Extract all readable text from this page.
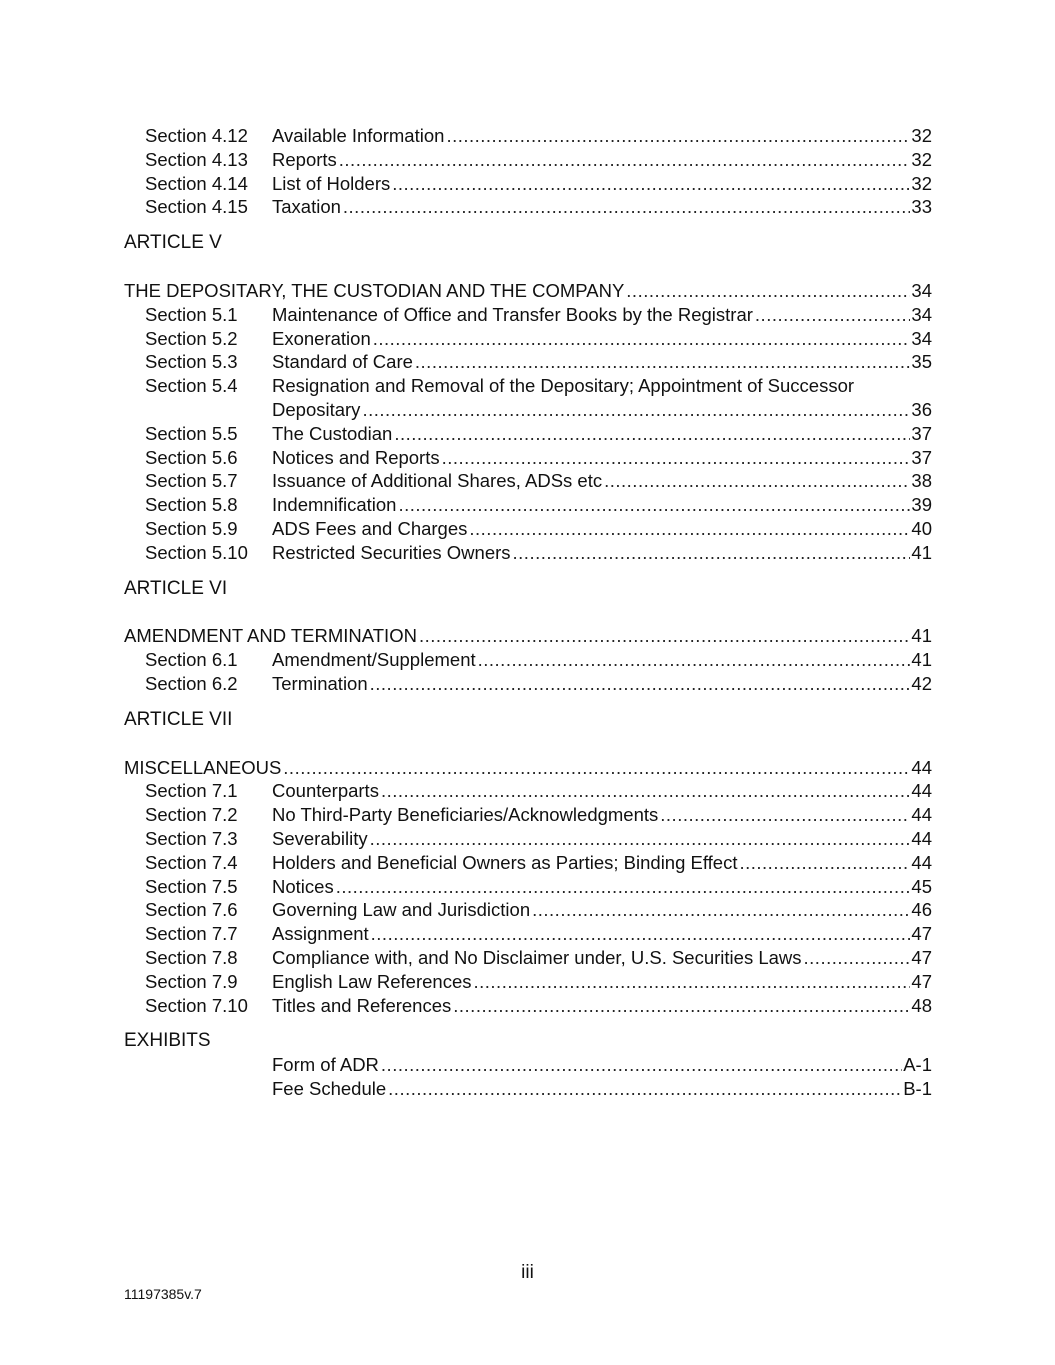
Section 4.12 Available Information .....	32
Section 4.13 Reports .....	32
Section 4.14 List of Holders .....	32
Section 4.15 Taxation .....	33
ARTICLE V
THE DEPOSITARY, THE CUSTODIAN AND THE COMPANY .....	34
Section 5.1 Maintenance of Office and Transfer Books by the Registrar .....	34
Section 5.2 Exoneration .....	34
Section 5.3 Standard of Care .....	35
Section 5.4 Resignation and Removal of the Depositary; Appointment of Successor
Depositary .....	36
Section 5.5 The Custodian .....	37
Section 5.6 Notices and Reports .....	37
Section 5.7 Issuance of Additional Shares, ADSs etc .....	38
Section 5.8 Indemnification .....	39
Section 5.9 ADS Fees and Charges .....	40
Section 5.10 Restricted Securities Owners .....	41
ARTICLE VI
AMENDMENT AND TERMINATION .....	41
Section 6.1 Amendment/Supplement .....	41
Section 6.2 Termination .....	42
ARTICLE VII
MISCELLANEOUS .....	44
Section 7.1 Counterparts .....	44
Section 7.2 No Third-Party Beneficiaries/Acknowledgments .....	44
Section 7.3 Severability .....	44
Section 7.4 Holders and Beneficial Owners as Parties; Binding Effect .....	44
Section 7.5 Notices .....	45
Section 7.6 Governing Law and Jurisdiction .....	46
Section 7.7 Assignment .....	47
Section 7.8 Compliance with, and No Disclaimer under, U.S. Securities Laws .....	47
Section 7.9 English Law References .....	47
Section 7.10 Titles and References .....	48
EXHIBITS
Form of ADR .....	A-1
Fee Schedule .....	B-1
iii
11197385v.7
